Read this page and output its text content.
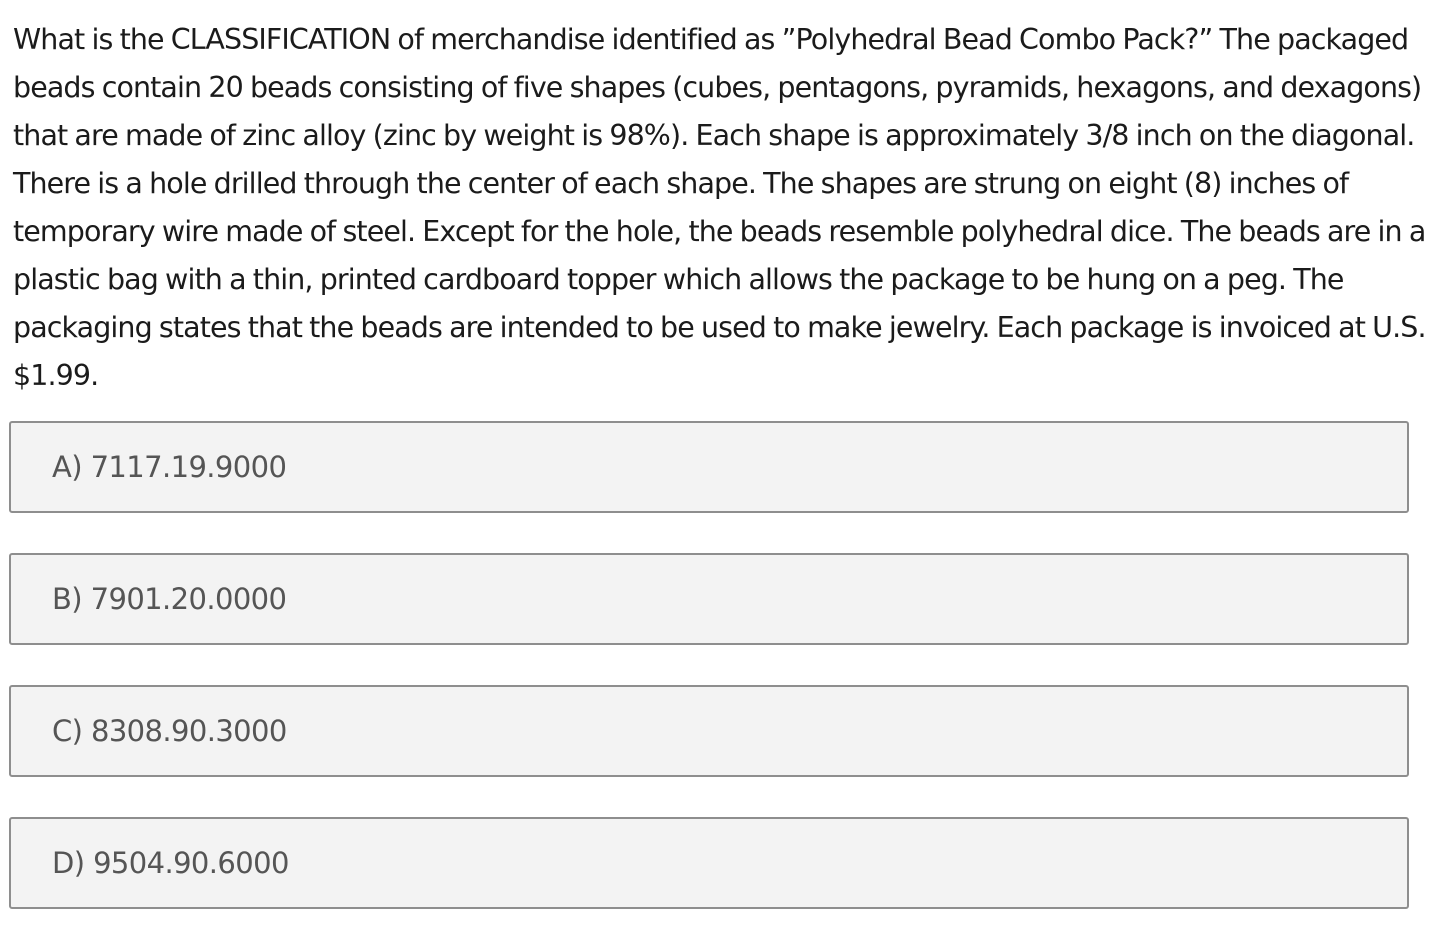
What is the CLASSIFICATION of merchandise identified as ”Polyhedral Bead Combo Pack?” The packaged beads contain 20 beads consisting of five shapes (cubes, pentagons, pyramids, hexagons, and dexagons) that are made of zinc alloy (zinc by weight is 98%). Each shape is approximately 3/8 inch on the diagonal. There is a hole drilled through the center of each shape. The shapes are strung on eight (8) inches of temporary wire made of steel. Except for the hole, the beads resemble polyhedral dice. The beads are in a plastic bag with a thin, printed cardboard topper which allows the package to be hung on a peg. The packaging states that the beads are intended to be used to make jewelry. Each package is invoiced at U.S. $1.99.

A) 7117.19.9000
B) 7901.20.0000
C) 8308.90.3000
D) 9504.90.6000
